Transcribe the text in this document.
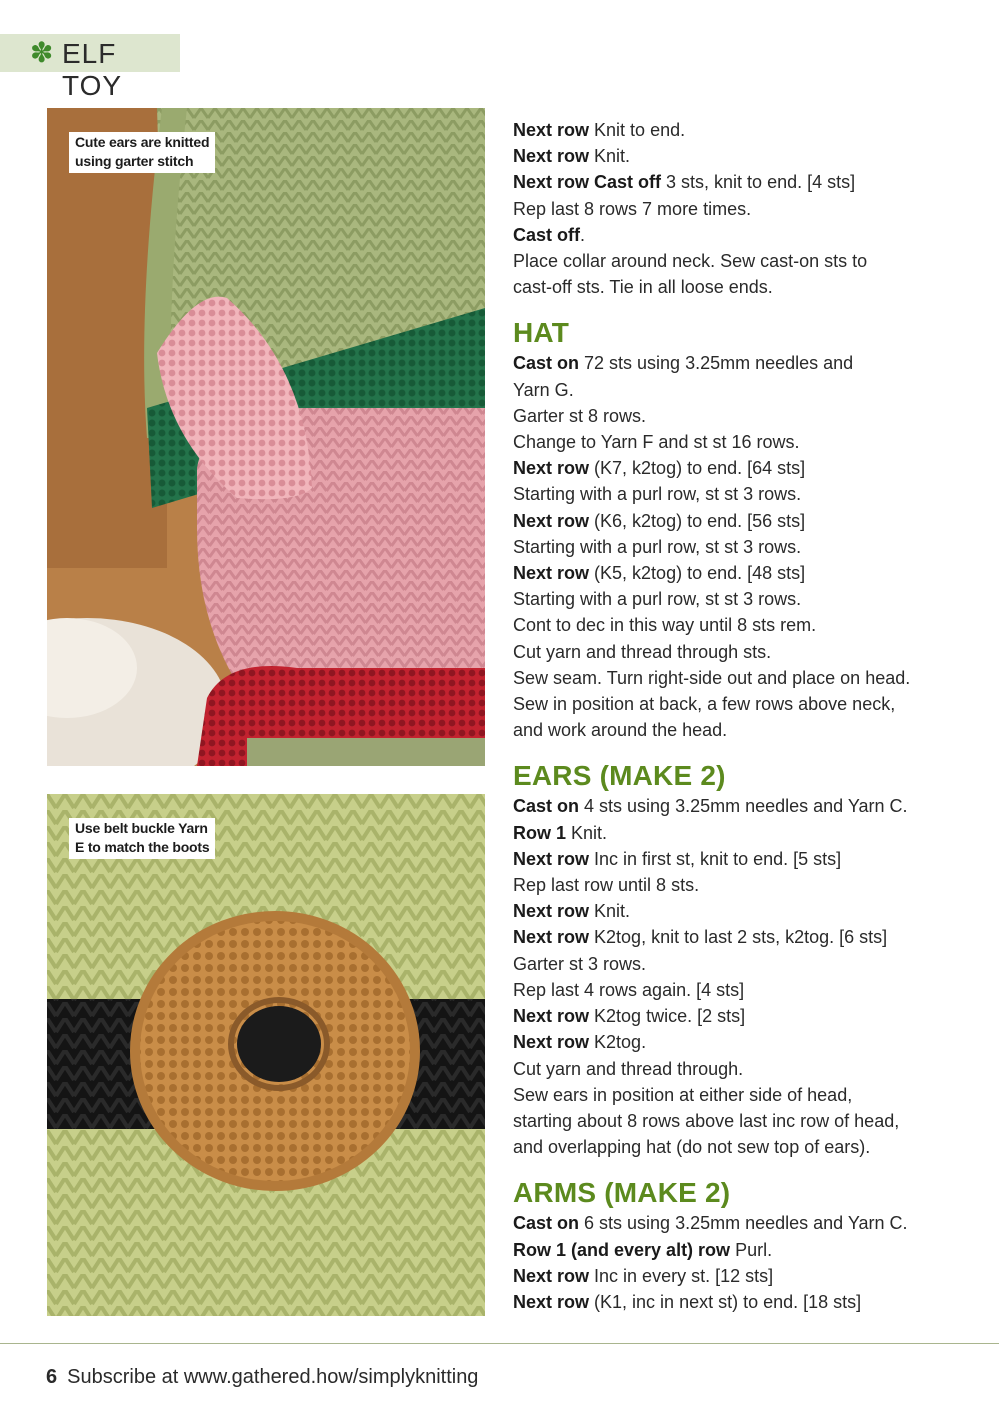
✽ ELF TOY
Cute ears are knitted
using garter stitch
Use belt buckle Yarn
E to match the boots
Next row Knit to end.
Next row Knit.
Next row Cast off 3 sts, knit to end. [4 sts]
Rep last 8 rows 7 more times.
Cast off.
Place collar around neck. Sew cast-on sts to
cast-off sts. Tie in all loose ends.
HAT
Cast on 72 sts using 3.25mm needles and
Yarn G.
Garter st 8 rows.
Change to Yarn F and st st 16 rows.
Next row (K7, k2tog) to end. [64 sts]
Starting with a purl row, st st 3 rows.
Next row (K6, k2tog) to end. [56 sts]
Starting with a purl row, st st 3 rows.
Next row (K5, k2tog) to end. [48 sts]
Starting with a purl row, st st 3 rows.
Cont to dec in this way until 8 sts rem.
Cut yarn and thread through sts.
Sew seam. Turn right-side out and place on head.
Sew in position at back, a few rows above neck,
and work around the head.
EARS (MAKE 2)
Cast on 4 sts using 3.25mm needles and Yarn C.
Row 1 Knit.
Next row Inc in first st, knit to end. [5 sts]
Rep last row until 8 sts.
Next row Knit.
Next row K2tog, knit to last 2 sts, k2tog. [6 sts]
Garter st 3 rows.
Rep last 4 rows again. [4 sts]
Next row K2tog twice. [2 sts]
Next row K2tog.
Cut yarn and thread through.
Sew ears in position at either side of head,
starting about 8 rows above last inc row of head,
and overlapping hat (do not sew top of ears).
ARMS (MAKE 2)
Cast on 6 sts using 3.25mm needles and Yarn C.
Row 1 (and every alt) row Purl.
Next row Inc in every st. [12 sts]
Next row (K1, inc in next st) to end. [18 sts]
6 Subscribe at www.gathered.how/simplyknitting
